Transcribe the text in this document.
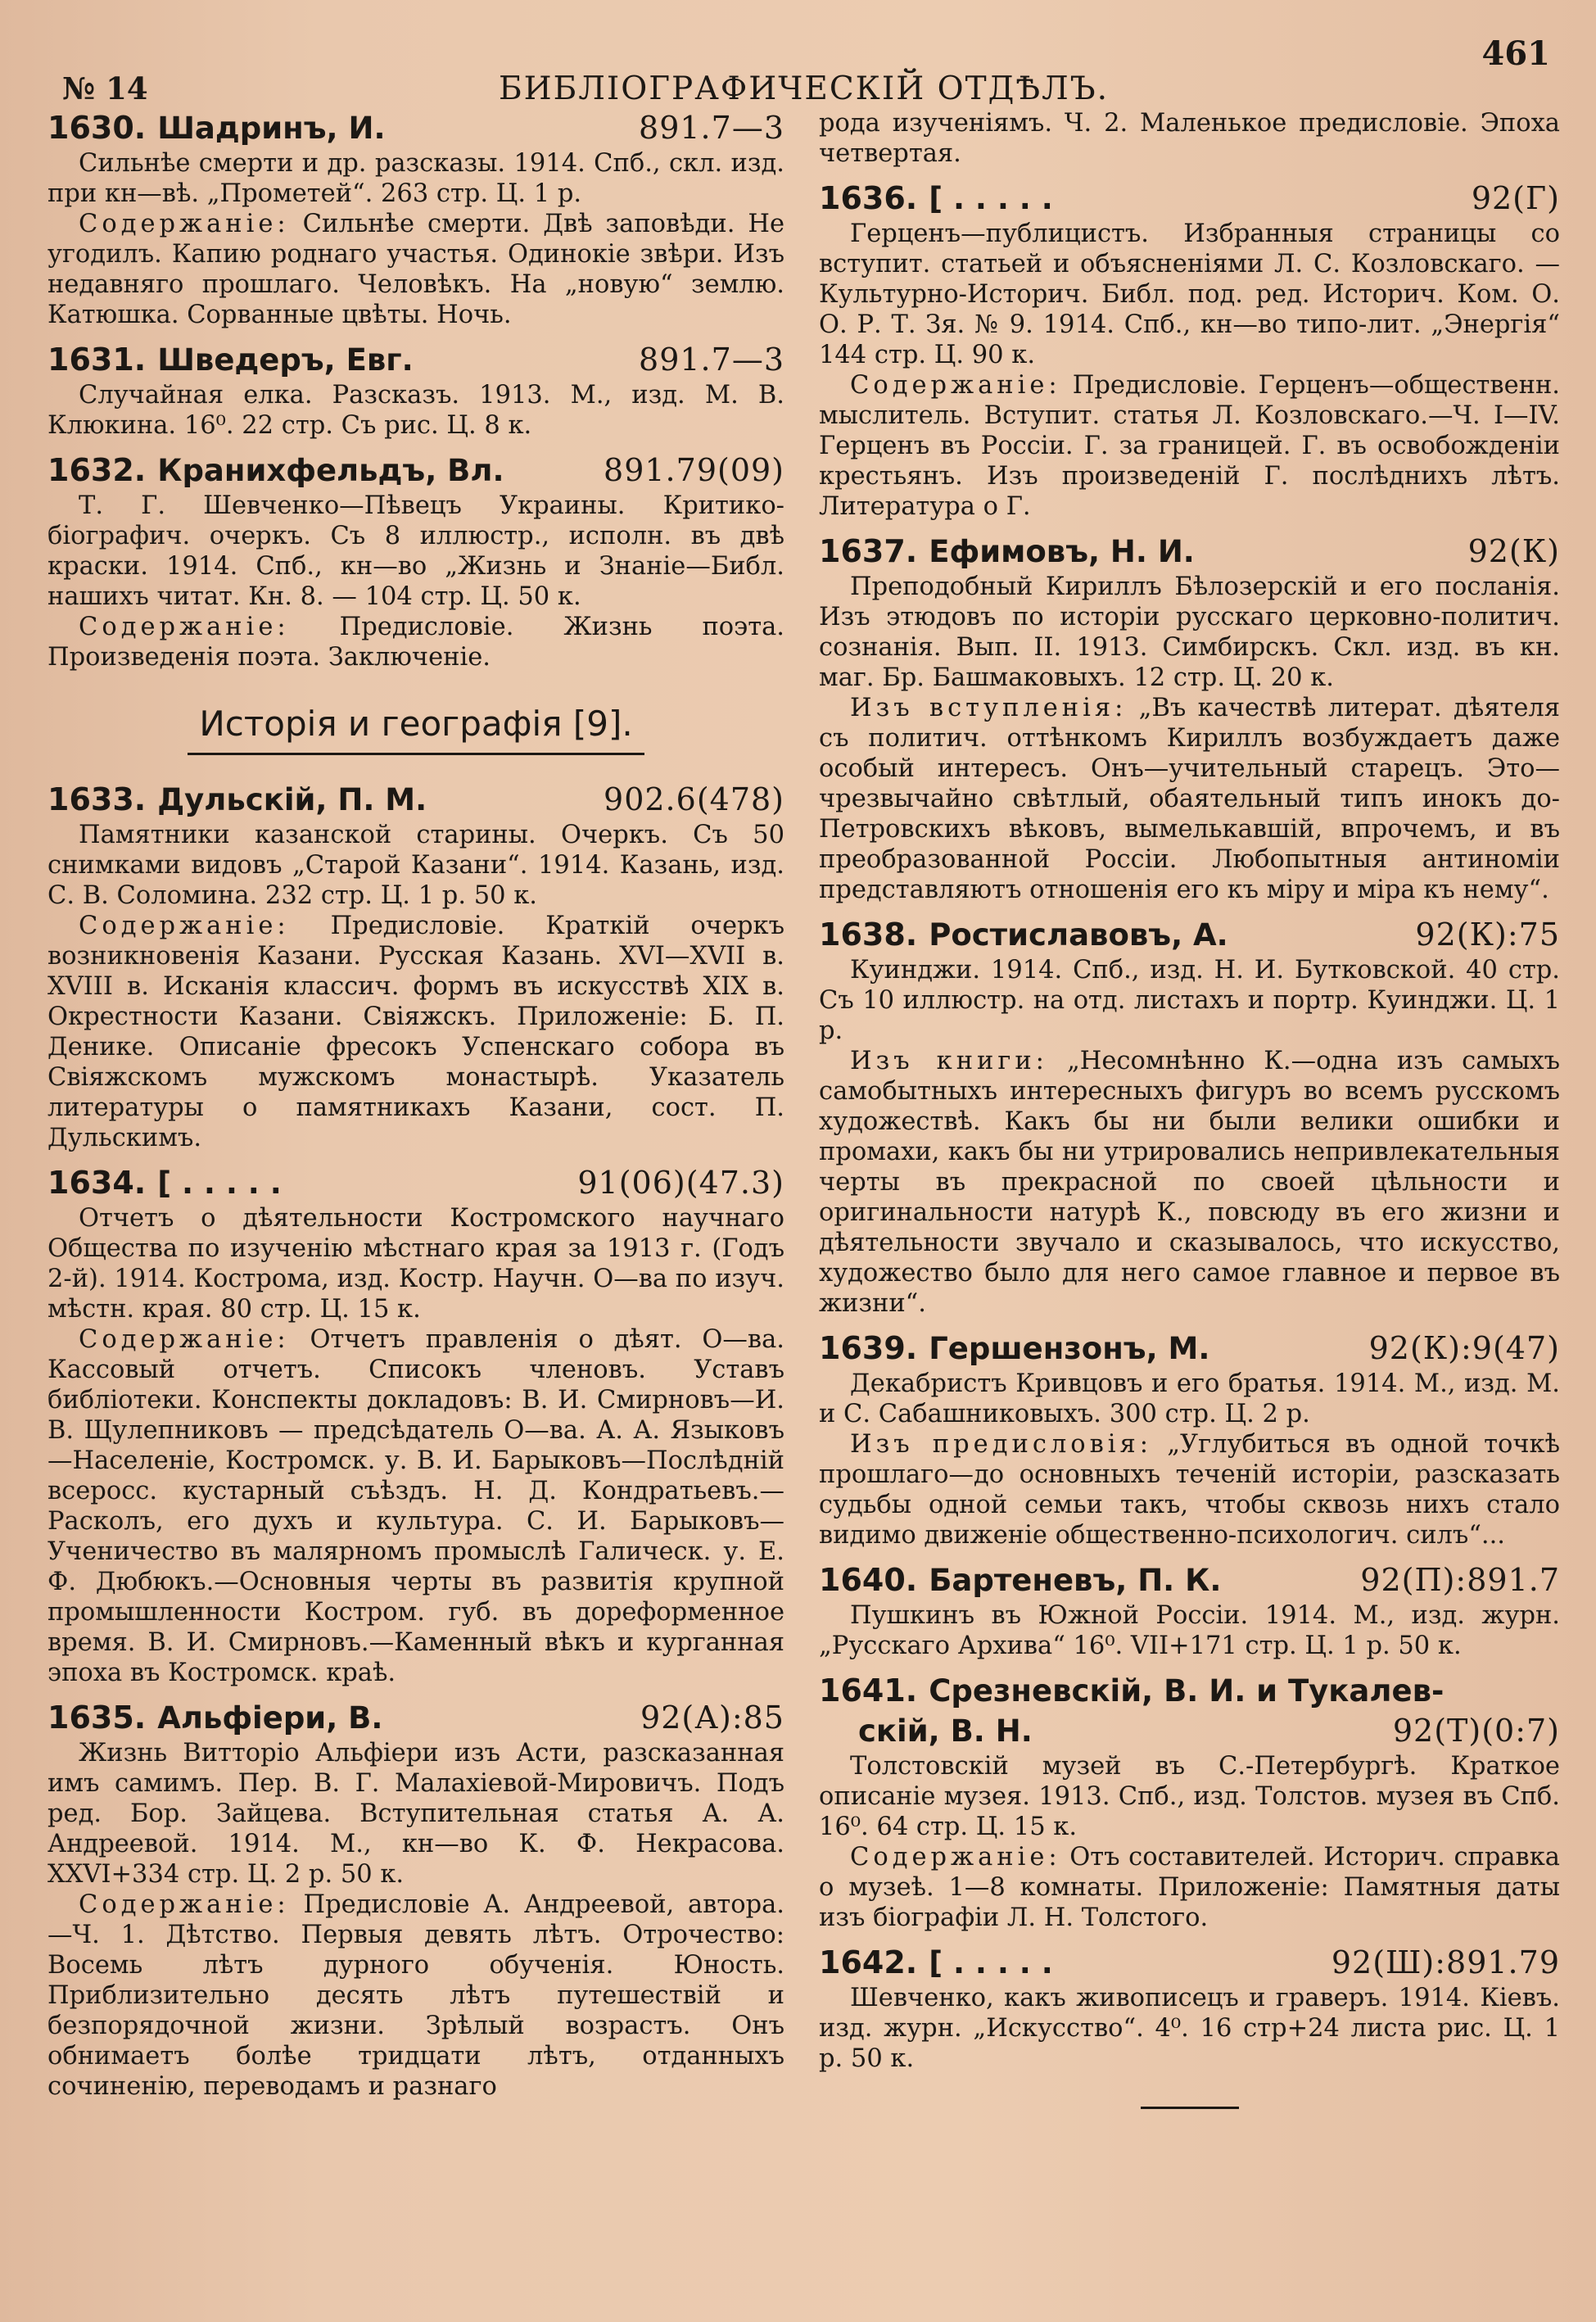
№ 14	БИБЛІОГРАФИЧЕСКІЙ ОТДѢЛЪ.
461
1630. Шадринъ, И.	891.7—3

Сильнѣе смерти и др. разсказы. 1914. Спб., скл. изд. при кн—вѣ. „Прометей“. 263 стр. Ц. 1 р.

Содержаніе: Сильнѣе смерти. Двѣ заповѣди. Не угодилъ. Капию роднаго участья. Одинокіе звѣри. Изъ недавняго прошлаго. Человѣкъ. На „новую“ землю. Катюшка. Сорванные цвѣты. Ночь.

1631. Шведеръ, Евг.	891.7—3

Случайная елка. Разсказъ. 1913. М., изд. М. В. Клюкина. 16⁰. 22 стр. Съ рис. Ц. 8 к.

1632. Кранихфельдъ, Вл.	891.79(09)

Т. Г. Шевченко—Пѣвецъ Украины. Критико-біографич. очеркъ. Съ 8 иллюстр., исполн. въ двѣ краски. 1914. Спб., кн—во „Жизнь и Знаніе—Библ. нашихъ читат. Кн. 8. — 104 стр. Ц. 50 к.

Содержаніе: Предисловіе. Жизнь поэта. Произведенія поэта. Заключеніе.

Исторія и географія [9].
1633. Дульскій, П. М.	902.6(478)

Памятники казанской старины. Очеркъ. Съ 50 снимками видовъ „Старой Казани“. 1914. Казань, изд. С. В. Соломина. 232 стр. Ц. 1 р. 50 к.

Содержаніе: Предисловіе. Краткій очеркъ возникновенія Казани. Русская Казань. XVI—XVII в. XVIII в. Исканія классич. формъ въ искусствѣ XIX в. Окрестности Казани. Свіяжскъ. Приложеніе: Б. П. Денике. Описаніе фресокъ Успенскаго собора въ Свіяжскомъ мужскомъ монастырѣ. Указатель литературы о памятникахъ Казани, сост. П. Дульскимъ.

1634. [ . . . . .	91(06)(47.3)

Отчетъ о дѣятельности Костромского научнаго Общества по изученію мѣстнаго края за 1913 г. (Годъ 2-й). 1914. Кострома, изд. Костр. Научн. О—ва по изуч. мѣстн. края. 80 стр. Ц. 15 к.

Содержаніе: Отчетъ правленія о дѣят. О—ва. Кассовый отчетъ. Списокъ членовъ. Уставъ библіотеки. Конспекты докладовъ: В. И. Смирновъ—И. В. Щулепниковъ — предсѣдатель О—ва. А. А. Языковъ—Населеніе, Костромск. у. В. И. Барыковъ—Послѣдній всеросс. кустарный съѣздъ. Н. Д. Кондратьевъ.—Расколъ, его духъ и культура. С. И. Барыковъ—Ученичество въ малярномъ промыслѣ Галическ. у. Е. Ф. Дюбюкъ.—Основныя черты въ развитія крупной промышленности Костром. губ. въ дореформенное время. В. И. Смирновъ.—Каменный вѣкъ и курганная эпоха въ Костромск. краѣ.

1635. Альфіери, В.	92(А):85

Жизнь Витторіо Альфіери изъ Асти, разсказанная имъ самимъ. Пер. В. Г. Малахіевой-Мировичъ. Подъ ред. Бор. Зайцева. Вступительная статья А. А. Андреевой. 1914. М., кн—во К. Ф. Некрасова. XXVI+334 стр. Ц. 2 р. 50 к.

Содержаніе: Предисловіе А. Андреевой, автора.—Ч. 1. Дѣтство. Первыя девять лѣтъ. Отрочество: Восемь лѣтъ дурного обученія. Юность. Приблизительно десять лѣтъ путешествій и безпорядочной жизни. Зрѣлый возрастъ. Онъ обнимаетъ болѣе тридцати лѣтъ, отданныхъ сочиненію, переводамъ и разнаго

рода изученіямъ. Ч. 2. Маленькое предисловіе. Эпоха четвертая.

1636. [ . . . . .	92(Г)

Герценъ—публицистъ. Избранныя страницы со вступит. статьей и объясненіями Л. С. Козловскаго. — Культурно-Историч. Библ. под. ред. Историч. Ком. О. О. Р. Т. Зя. № 9. 1914. Спб., кн—во типо-лит. „Энергія“ 144 стр. Ц. 90 к.

Содержаніе: Предисловіе. Герценъ—общественн. мыслитель. Вступит. статья Л. Козловскаго.—Ч. I—IV. Герценъ въ Россіи. Г. за границей. Г. въ освобожденіи крестьянъ. Изъ произведеній Г. послѣднихъ лѣтъ. Литература о Г.

1637. Ефимовъ, Н. И.	92(К)

Преподобный Кириллъ Бѣлозерскій и его посланія. Изъ этюдовъ по исторіи русскаго церковно-политич. сознанія. Вып. II. 1913. Симбирскъ. Скл. изд. въ кн. маг. Бр. Башмаковыхъ. 12 стр. Ц. 20 к.

Изъ вступленія: „Въ качествѣ литерат. дѣятеля съ политич. оттѣнкомъ Кириллъ возбуждаетъ даже особый интересъ. Онъ—учительный старецъ. Это—чрезвычайно свѣтлый, обаятельный типъ инокъ до-Петровскихъ вѣковъ, вымелькавшій, впрочемъ, и въ преобразованной Россіи. Любопытныя антиноміи представляютъ отношенія его къ міру и міра къ нему“.

1638. Ростиславовъ, А.	92(К):75

Куинджи. 1914. Спб., изд. Н. И. Бутковской. 40 стр. Съ 10 иллюстр. на отд. листахъ и портр. Куинджи. Ц. 1 р.

Изъ книги: „Несомнѣнно К.—одна изъ самыхъ самобытныхъ интересныхъ фигуръ во всемъ русскомъ художествѣ. Какъ бы ни были велики ошибки и промахи, какъ бы ни утрировались непривлекательныя черты въ прекрасной по своей цѣльности и оригинальности натурѣ К., повсюду въ его жизни и дѣятельности звучало и сказывалось, что искусство, художество было для него самое главное и первое въ жизни“.

1639. Гершензонъ, М.	92(К):9(47)

Декабристъ Кривцовъ и его братья. 1914. М., изд. М. и С. Сабашниковыхъ. 300 стр. Ц. 2 р.

Изъ предисловія: „Углубиться въ одной точкѣ прошлаго—до основныхъ теченій исторіи, разсказать судьбы одной семьи такъ, чтобы сквозь нихъ стало видимо движеніе общественно-психологич. силъ“...

1640. Бартеневъ, П. К.	92(П):891.7

Пушкинъ въ Южной Россіи. 1914. М., изд. журн. „Русскаго Архива“ 16⁰. VII+171 стр. Ц. 1 р. 50 к.

1641. Срезневскій, В. И. и Тукалев-
скій, В. Н.	92(Т)(0:7)

Толстовскій музей въ С.-Петербургѣ. Краткое описаніе музея. 1913. Спб., изд. Толстов. музея въ Спб. 16⁰. 64 стр. Ц. 15 к.

Содержаніе: Отъ составителей. Историч. справка о музеѣ. 1—8 комнаты. Приложеніе: Памятныя даты изъ біографіи Л. Н. Толстого.

1642. [ . . . . .	92(Ш):891.79

Шевченко, какъ живописецъ и граверъ. 1914. Кіевъ. изд. журн. „Искусство“. 4⁰. 16 стр+24 листа рис. Ц. 1 р. 50 к.
